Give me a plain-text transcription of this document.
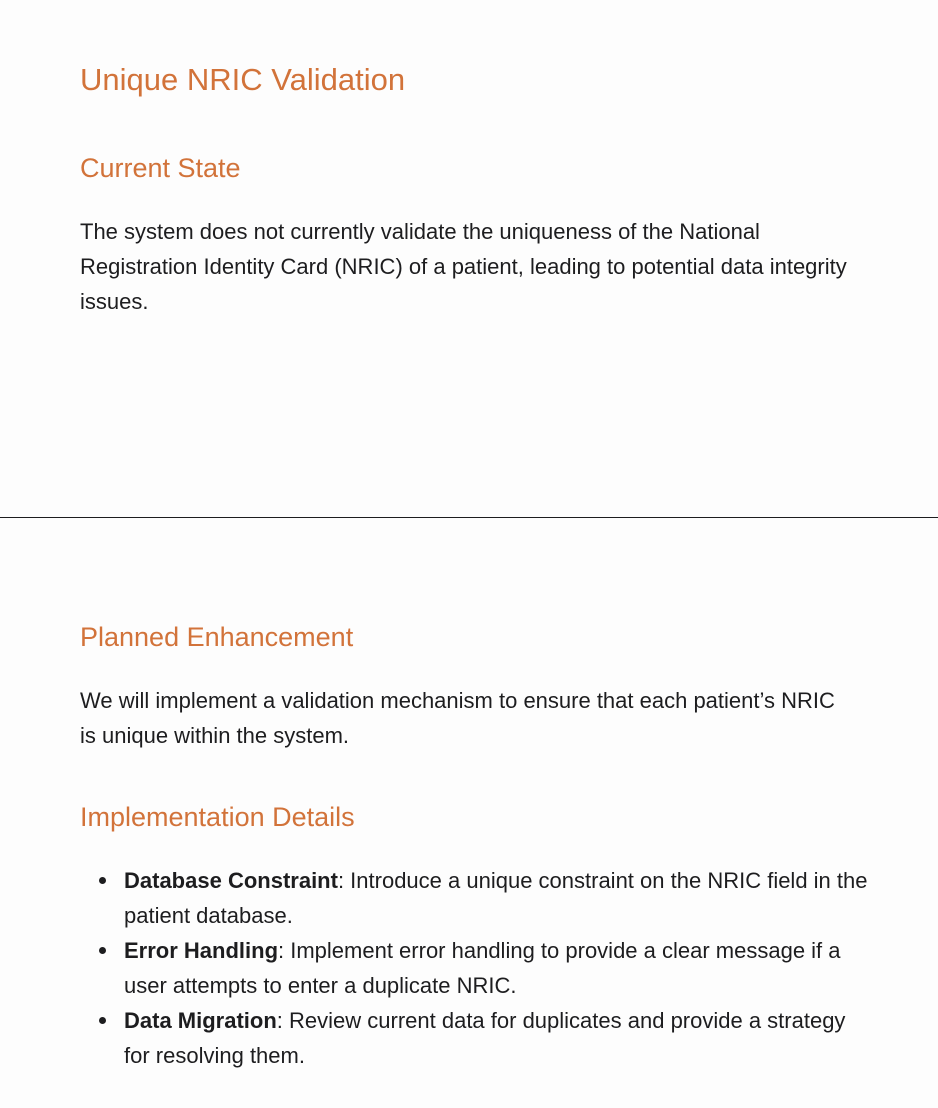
Unique NRIC Validation
Current State

The system does not currently validate the uniqueness of the National Registration Identity Card (NRIC) of a patient, leading to potential data integrity issues.

Planned Enhancement

We will implement a validation mechanism to ensure that each patient’s NRIC is unique within the system.

Implementation Details
Database Constraint: Introduce a unique constraint on the NRIC field in the patient database.
Error Handling: Implement error handling to provide a clear message if a user attempts to enter a duplicate NRIC.
Data Migration: Review current data for duplicates and provide a strategy for resolving them.
